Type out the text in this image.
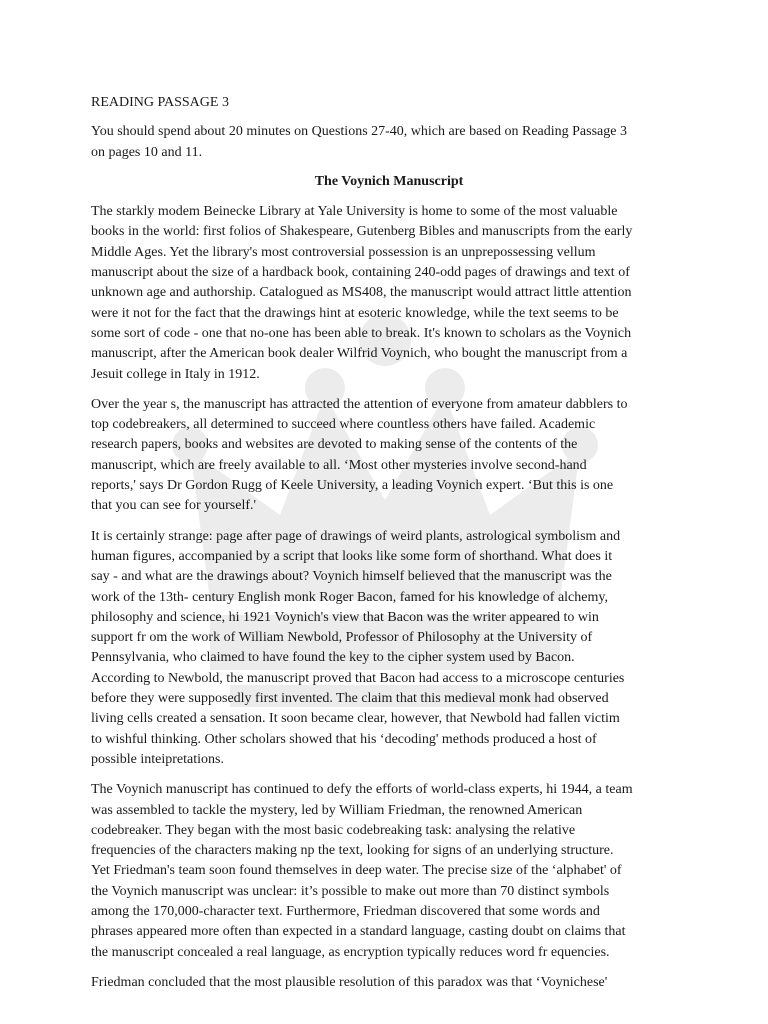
READING PASSAGE 3
You should spend about 20 minutes on Questions 27-40, which are based on Reading Passage 3
on pages 10 and 11.
The Voynich Manuscript
The starkly modem Beinecke Library at Yale University is home to some of the most valuable
books in the world: first folios of Shakespeare, Gutenberg Bibles and manuscripts from the early
Middle Ages. Yet the library's most controversial possession is an unprepossessing vellum
manuscript about the size of a hardback book, containing 240-odd pages of drawings and text of
unknown age and authorship. Catalogued as MS408, the manuscript would attract little attention
were it not for the fact that the drawings hint at esoteric knowledge, while the text seems to be
some sort of code - one that no-one has been able to break. It's known to scholars as the Voynich
manuscript, after the American book dealer Wilfrid Voynich, who bought the manuscript from a
Jesuit college in Italy in 1912.
Over the year s, the manuscript has attracted the attention of everyone from amateur dabblers to
top codebreakers, all determined to succeed where countless others have failed. Academic
research papers, books and websites are devoted to making sense of the contents of the
manuscript, which are freely available to all. ‘Most other mysteries involve second-hand
reports,' says Dr Gordon Rugg of Keele University, a leading Voynich expert. ‘But this is one
that you can see for yourself.'
It is certainly strange: page after page of drawings of weird plants, astrological symbolism and
human figures, accompanied by a script that looks like some form of shorthand. What does it
say - and what are the drawings about? Voynich himself believed that the manuscript was the
work of the 13th- century English monk Roger Bacon, famed for his knowledge of alchemy,
philosophy and science, hi 1921 Voynich's view that Bacon was the writer appeared to win
support fr om the work of William Newbold, Professor of Philosophy at the University of
Pennsylvania, who claimed to have found the key to the cipher system used by Bacon.
According to Newbold, the manuscript proved that Bacon had access to a microscope centuries
before they were supposedly first invented. The claim that this medieval monk had observed
living cells created a sensation. It soon became clear, however, that Newbold had fallen victim
to wishful thinking. Other scholars showed that his ‘decoding' methods produced a host of
possible inteipretations.
The Voynich manuscript has continued to defy the efforts of world-class experts, hi 1944, a team
was assembled to tackle the mystery, led by William Friedman, the renowned American
codebreaker. They began with the most basic codebreaking task: analysing the relative
frequencies of the characters making np the text, looking for signs of an underlying structure.
Yet Friedman's team soon found themselves in deep water. The precise size of the ‘alphabet' of
the Voynich manuscript was unclear: it’s possible to make out more than 70 distinct symbols
among the 170,000-character text. Furthermore, Friedman discovered that some words and
phrases appeared more often than expected in a standard language, casting doubt on claims that
the manuscript concealed a real language, as encryption typically reduces word fr equencies.
Friedman concluded that the most plausible resolution of this paradox was that ‘Voynichese'
